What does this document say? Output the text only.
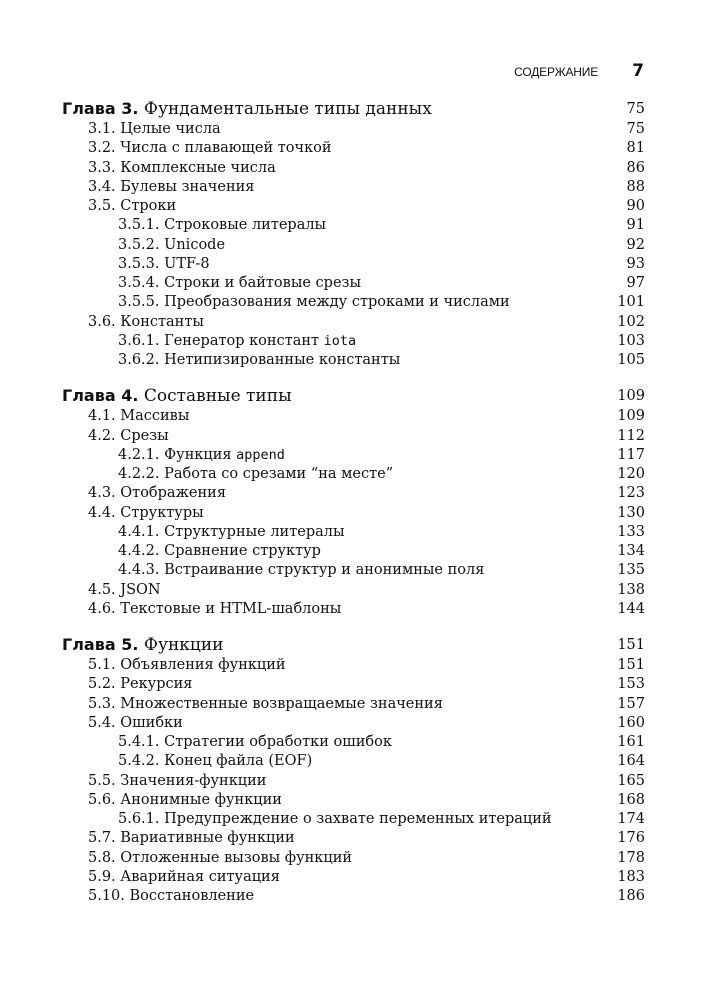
СОДЕРЖАНИЕ 7
Глава 3. Фундаментальные типы данных	75
3.1. Целые числа	75
3.2. Числа с плавающей точкой	81
3.3. Комплексные числа	86
3.4. Булевы значения	88
3.5. Строки	90
3.5.1. Строковые литералы	91
3.5.2. Unicode	92
3.5.3. UTF-8	93
3.5.4. Строки и байтовые срезы	97
3.5.5. Преобразования между строками и числами	101
3.6. Константы	102
3.6.1. Генератор констант iota	103
3.6.2. Нетипизированные константы	105
Глава 4. Составные типы	109
4.1. Массивы	109
4.2. Срезы	112
4.2.1. Функция append	117
4.2.2. Работа со срезами “на месте”	120
4.3. Отображения	123
4.4. Структуры	130
4.4.1. Структурные литералы	133
4.4.2. Сравнение структур	134
4.4.3. Встраивание структур и анонимные поля	135
4.5. JSON	138
4.6. Текстовые и HTML-шаблоны	144
Глава 5. Функции	151
5.1. Объявления функций	151
5.2. Рекурсия	153
5.3. Множественные возвращаемые значения	157
5.4. Ошибки	160
5.4.1. Стратегии обработки ошибок	161
5.4.2. Конец файла (EOF)	164
5.5. Значения-функции	165
5.6. Анонимные функции	168
5.6.1. Предупреждение о захвате переменных итераций	174
5.7. Вариативные функции	176
5.8. Отложенные вызовы функций	178
5.9. Аварийная ситуация	183
5.10. Восстановление	186
